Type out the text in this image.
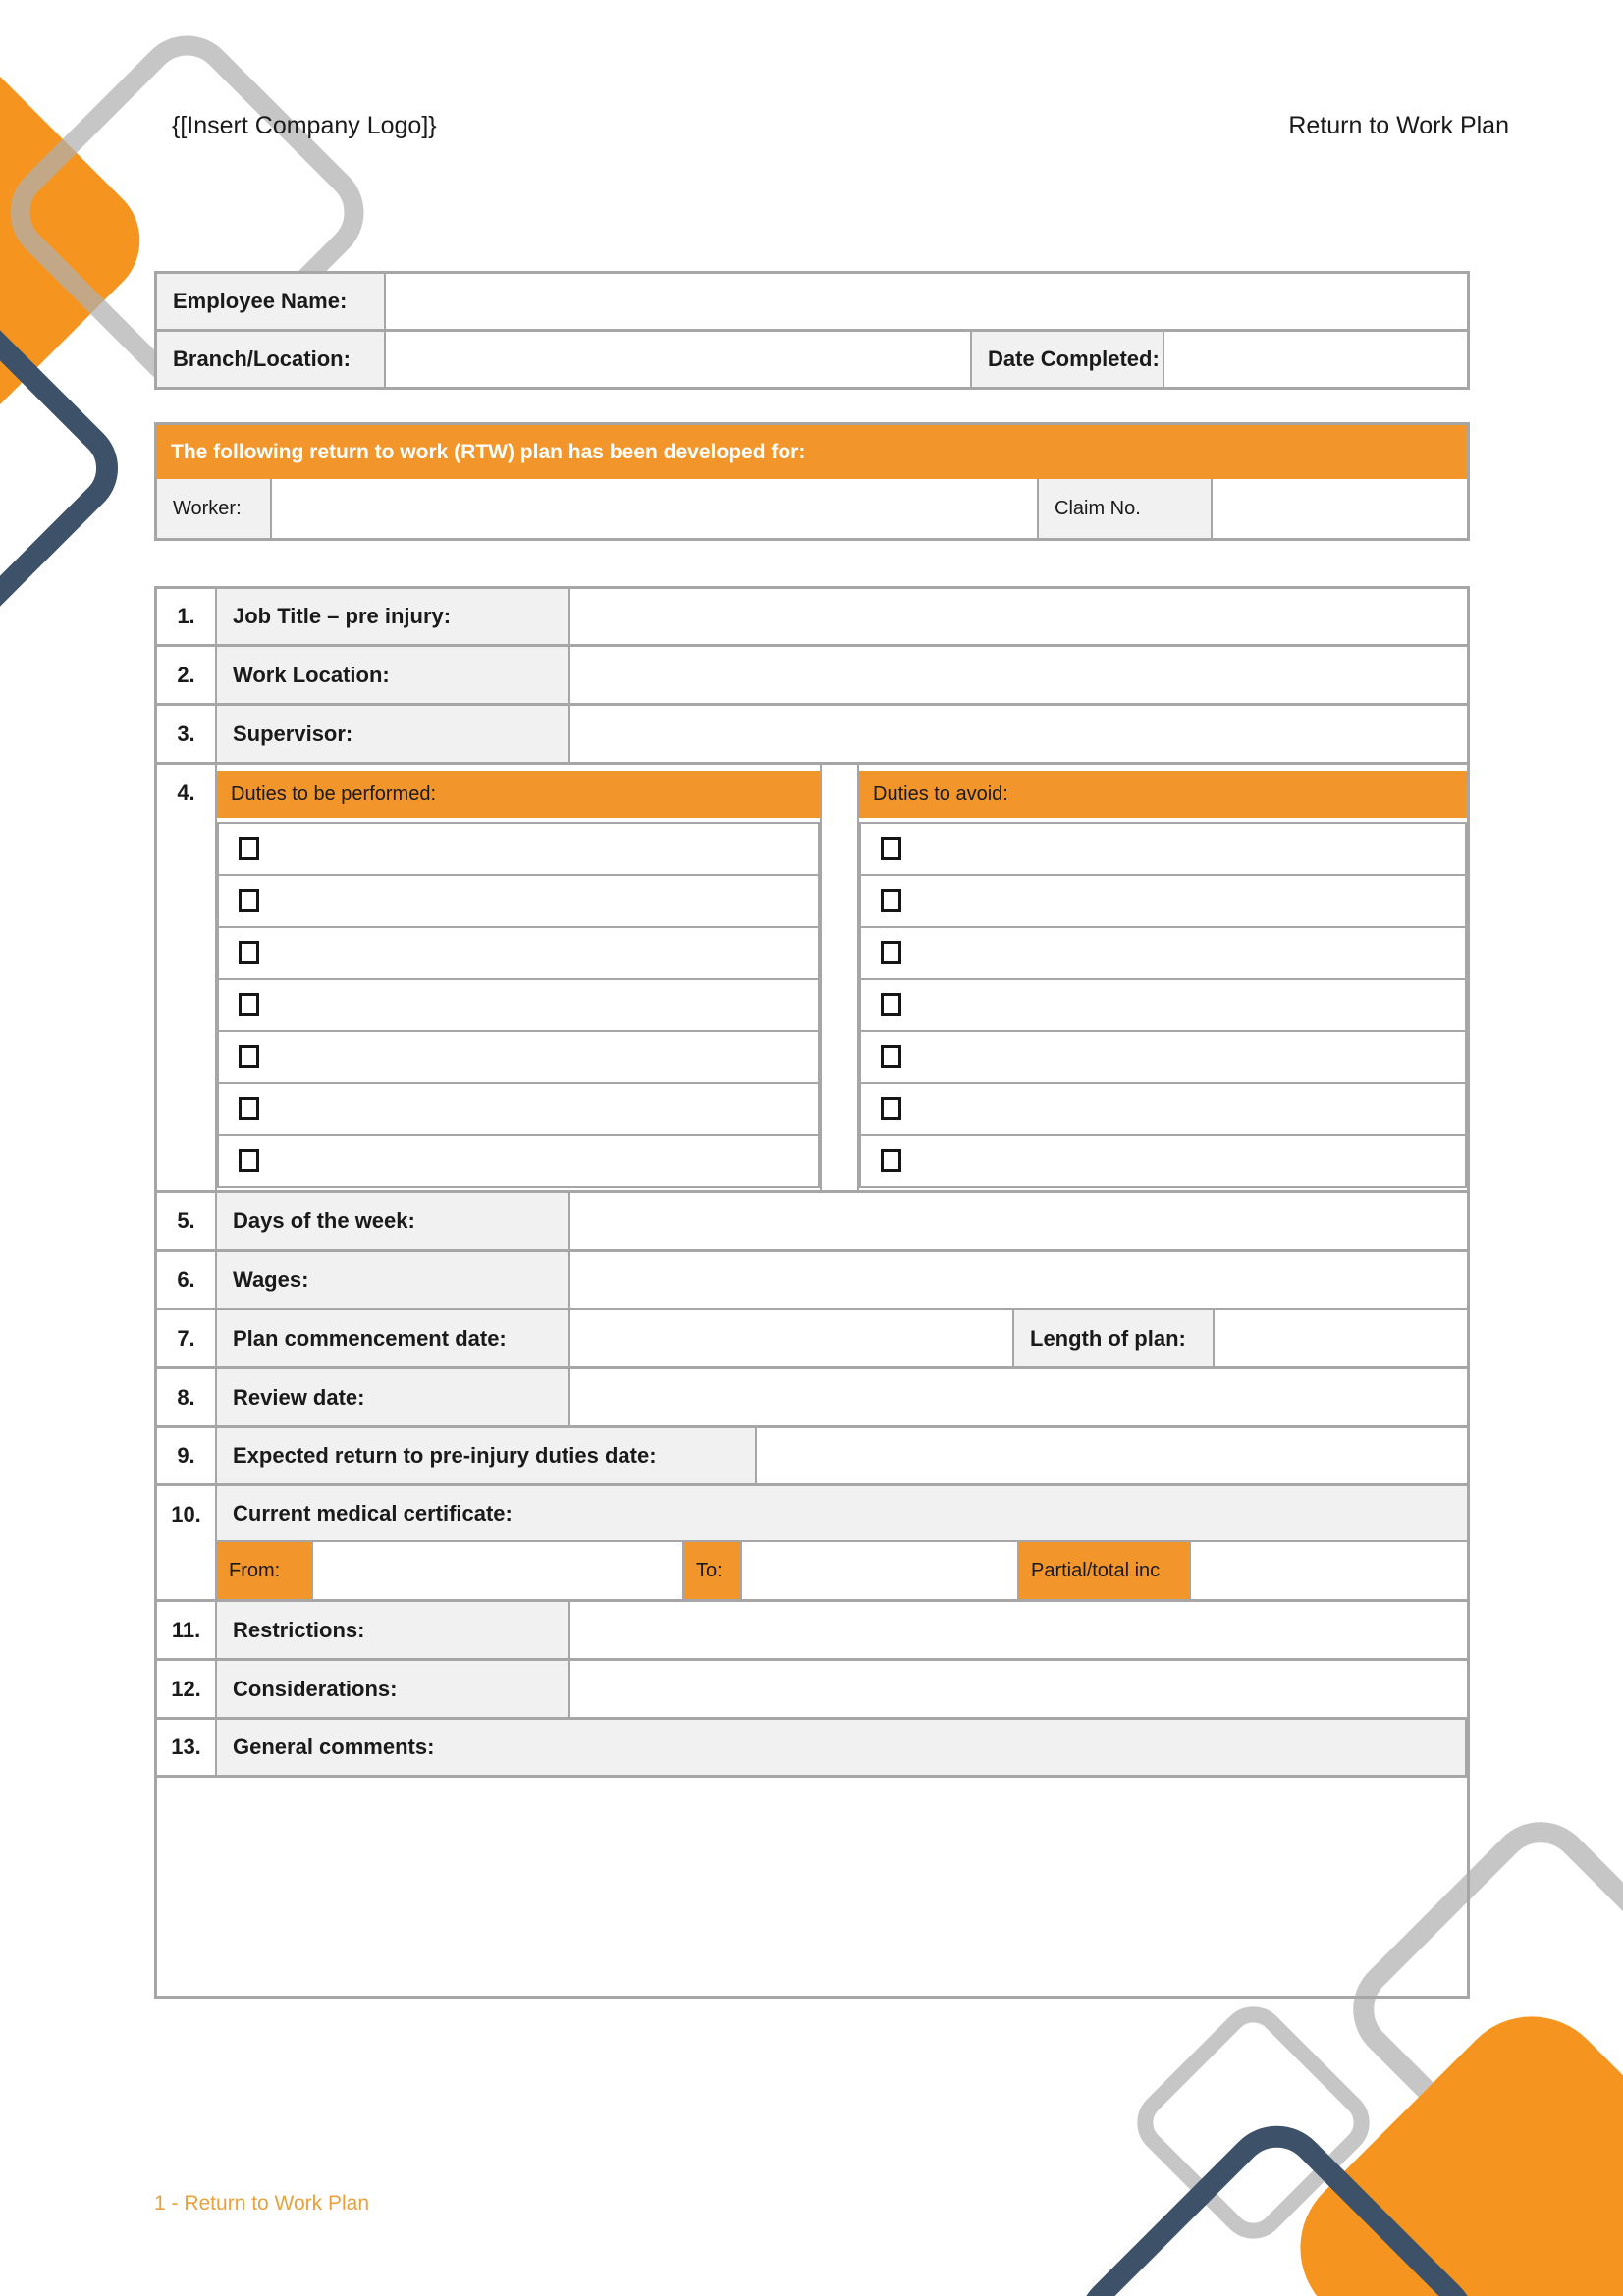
{[Insert Company Logo]}	Return to Work Plan
Employee Name:
Branch/Location:	Date Completed:
The following return to work (RTW) plan has been developed for:
Worker:	Claim No.
1.	Job Title – pre injury:
2.	Work Location:
3.	Supervisor:
4.	Duties to be performed:	Duties to avoid:
5.	Days of the week:
6.	Wages:
7.	Plan commencement date:	Length of plan:
8.	Review date:
9.	Expected return to pre-injury duties date:
10.	Current medical certificate:
From:	To:	Partial/total inc
11.	Restrictions:
12.	Considerations:
13.	General comments:
1 - Return to Work Plan
